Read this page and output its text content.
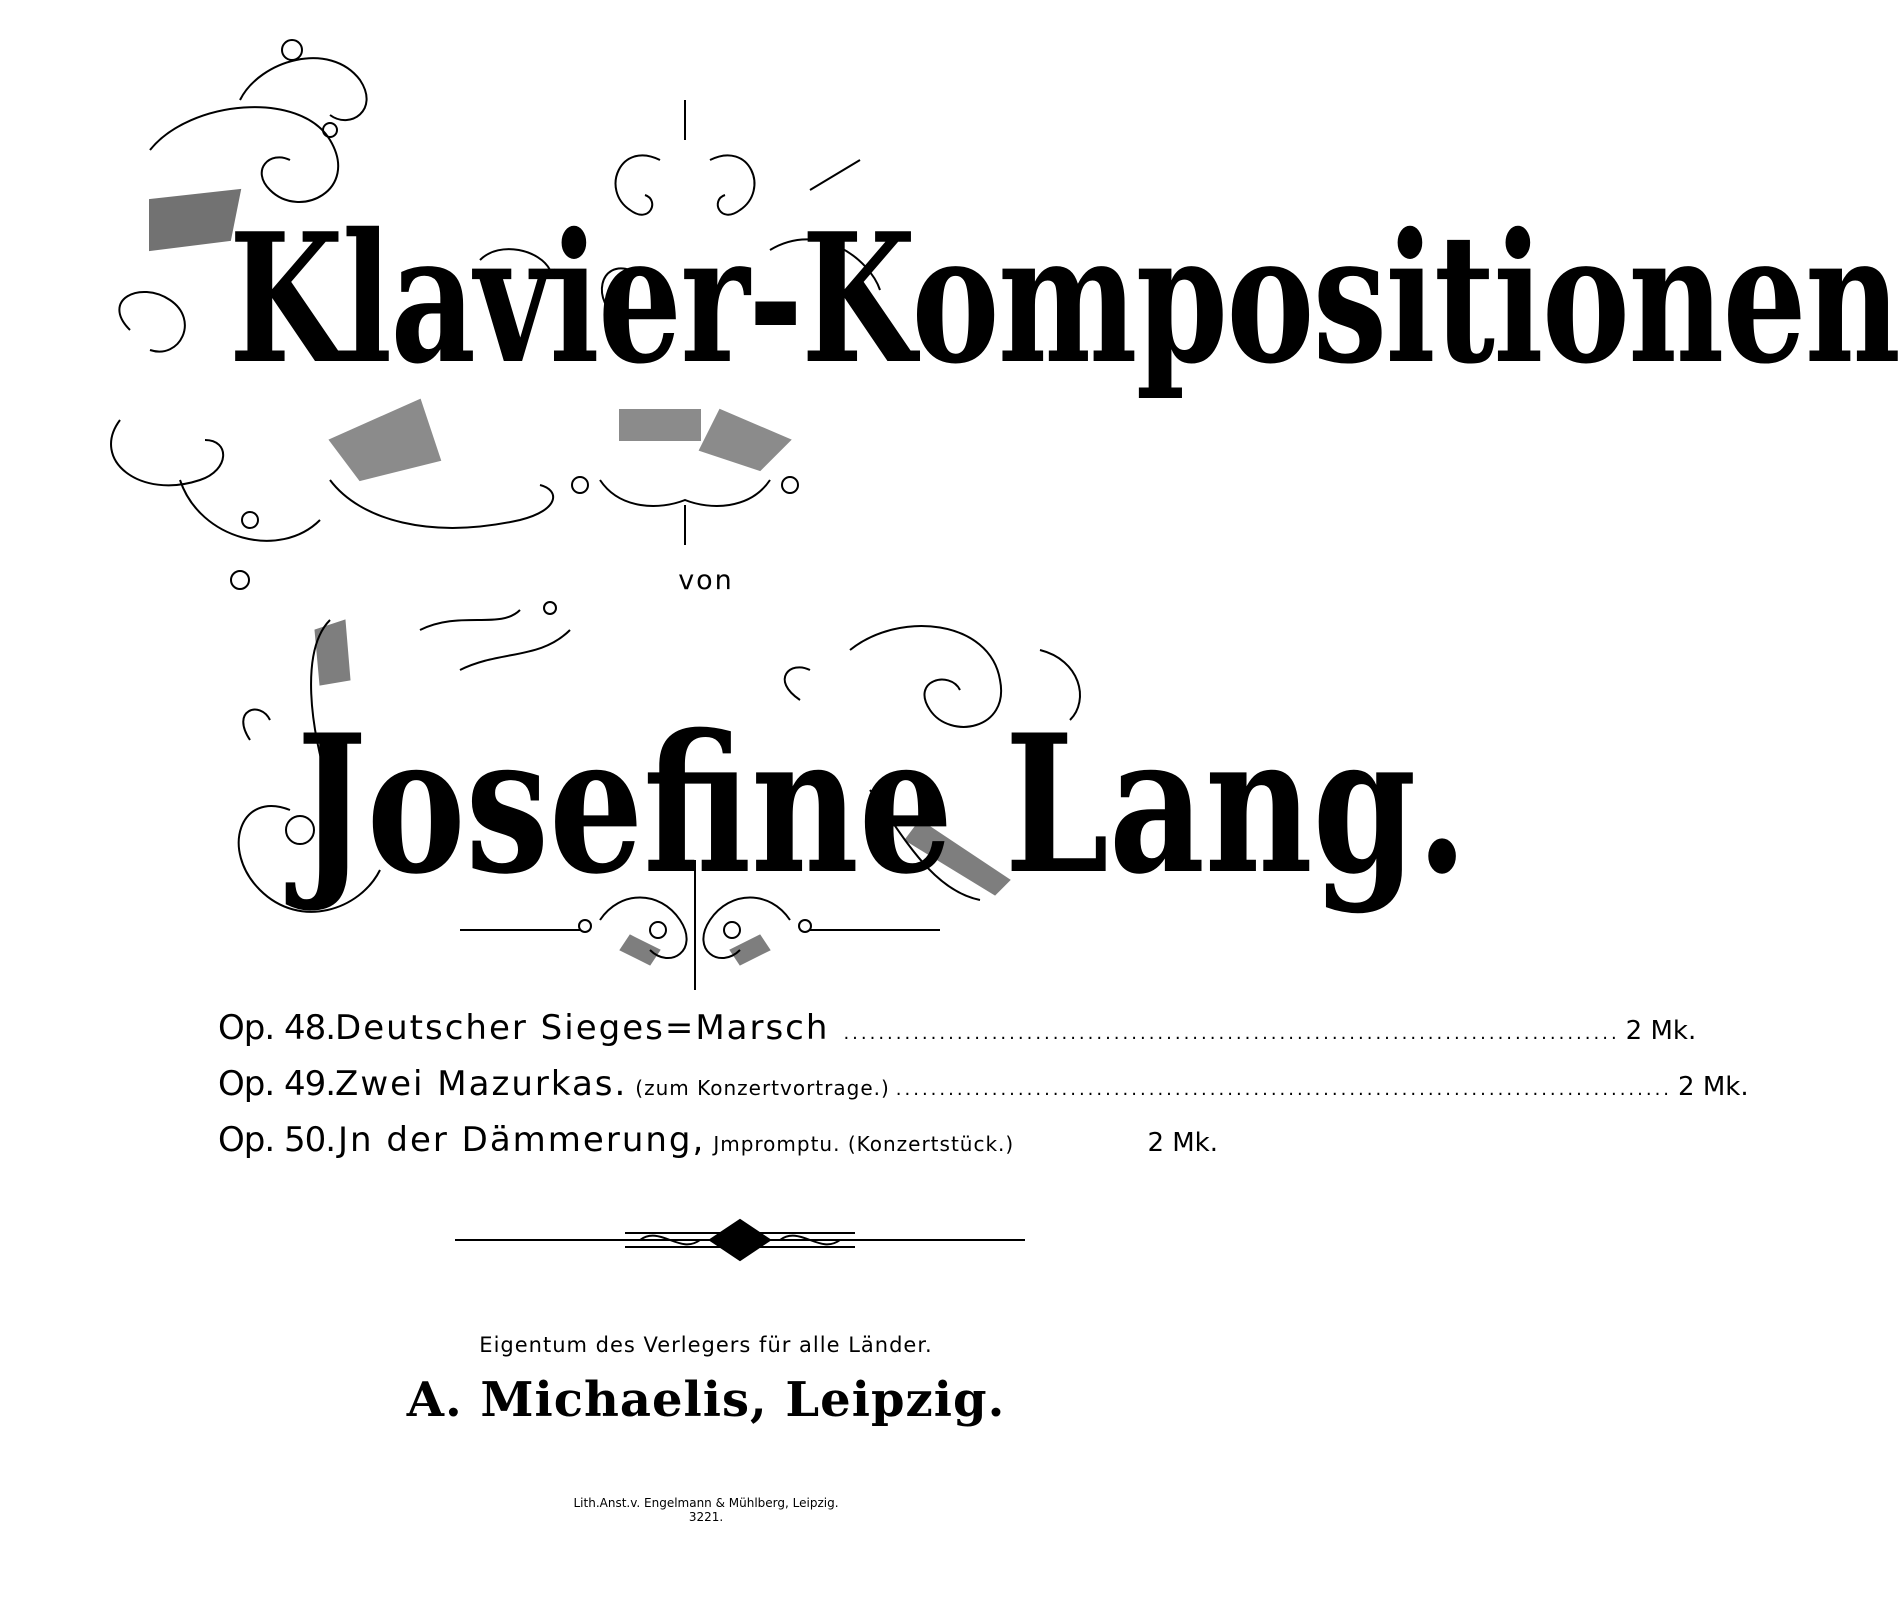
Klavier-Kompositionen
von
Josefine Lang.
Op. 48. Deutscher Sieges=Marsch ......................................................................................... 2 Mk.
Op. 49. Zwei Mazurkas. (zum Konzertvortrage.) ......................................................................................... 2 Mk.
Op. 50. Jn der Dämmerung, Jmpromptu. (Konzertstück.)	2 Mk.
Eigentum des Verlegers für alle Länder.
A. Michaelis, Leipzig.
Lith.Anst.v. Engelmann & Mühlberg, Leipzig.
3221.
